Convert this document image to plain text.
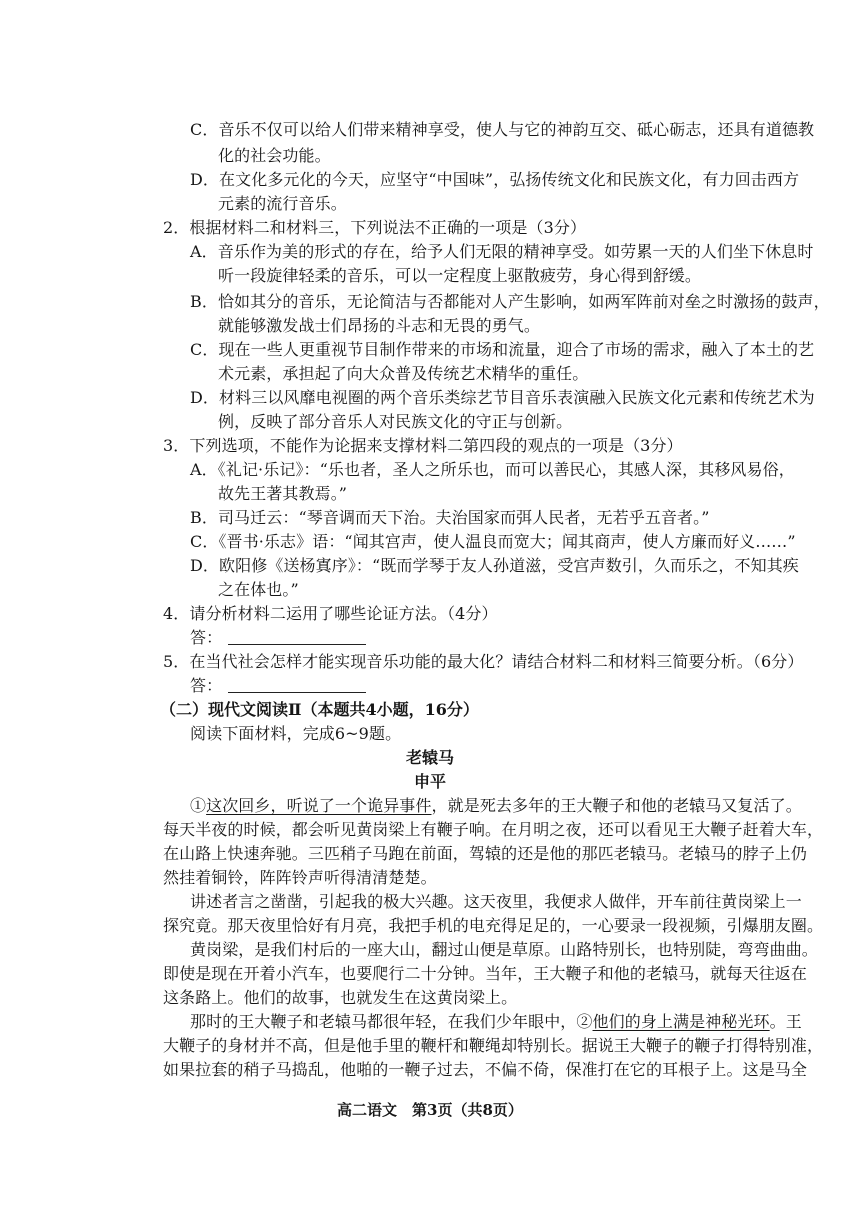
C．音乐不仅可以给人们带来精神享受，使人与它的神韵互交、砥心砺志，还具有道德教
化的社会功能。
D．在文化多元化的今天，应坚守“中国味”，弘扬传统文化和民族文化，有力回击西方
元素的流行音乐。
2．根据材料二和材料三，下列说法不正确的一项是（3分）
A．音乐作为美的形式的存在，给予人们无限的精神享受。如劳累一天的人们坐下休息时
听一段旋律轻柔的音乐，可以一定程度上驱散疲劳，身心得到舒缓。
B．恰如其分的音乐，无论简洁与否都能对人产生影响，如两军阵前对垒之时激扬的鼓声，
就能够激发战士们昂扬的斗志和无畏的勇气。
C．现在一些人更重视节目制作带来的市场和流量，迎合了市场的需求，融入了本土的艺
术元素，承担起了向大众普及传统艺术精华的重任。
D．材料三以风靡电视圈的两个音乐类综艺节目音乐表演融入民族文化元素和传统艺术为
例，反映了部分音乐人对民族文化的守正与创新。
3．下列选项，不能作为论据来支撑材料二第四段的观点的一项是（3分）
A．《礼记·乐记》：“乐也者，圣人之所乐也，而可以善民心，其感人深，其移风易俗，
故先王著其教焉。”
B．司马迁云：“琴音调而天下治。夫治国家而弭人民者，无若乎五音者。”
C．《晋书·乐志》语：“闻其宫声，使人温良而宽大；闻其商声，使人方廉而好义……”
D．欧阳修《送杨寘序》：“既而学琴于友人孙道滋，受宫声数引，久而乐之，不知其疾
之在体也。”
4．请分析材料二运用了哪些论证方法。（4分）
答：
5．在当代社会怎样才能实现音乐功能的最大化？请结合材料二和材料三简要分析。（6分）
答：
（二）现代文阅读Ⅱ（本题共4小题，16分）
阅读下面材料，完成6~9题。
老辕马
申平
①这次回乡，听说了一个诡异事件，就是死去多年的王大鞭子和他的老辕马又复活了。
每天半夜的时候，都会听见黄岗梁上有鞭子响。在月明之夜，还可以看见王大鞭子赶着大车，
在山路上快速奔驰。三匹稍子马跑在前面，驾辕的还是他的那匹老辕马。老辕马的脖子上仍
然挂着铜铃，阵阵铃声听得清清楚楚。
讲述者言之凿凿，引起我的极大兴趣。这天夜里，我便求人做伴，开车前往黄岗梁上一
探究竟。那天夜里恰好有月亮，我把手机的电充得足足的，一心要录一段视频，引爆朋友圈。
黄岗梁，是我们村后的一座大山，翻过山便是草原。山路特别长，也特别陡，弯弯曲曲。
即使是现在开着小汽车，也要爬行二十分钟。当年，王大鞭子和他的老辕马，就每天往返在
这条路上。他们的故事，也就发生在这黄岗梁上。
那时的王大鞭子和老辕马都很年轻，在我们少年眼中，②他们的身上满是神秘光环。王
大鞭子的身材并不高，但是他手里的鞭杆和鞭绳却特别长。据说王大鞭子的鞭子打得特别准，
如果拉套的稍子马捣乱，他啪的一鞭子过去，不偏不倚，保准打在它的耳根子上。这是马全
高二语文　第3页（共8页）
